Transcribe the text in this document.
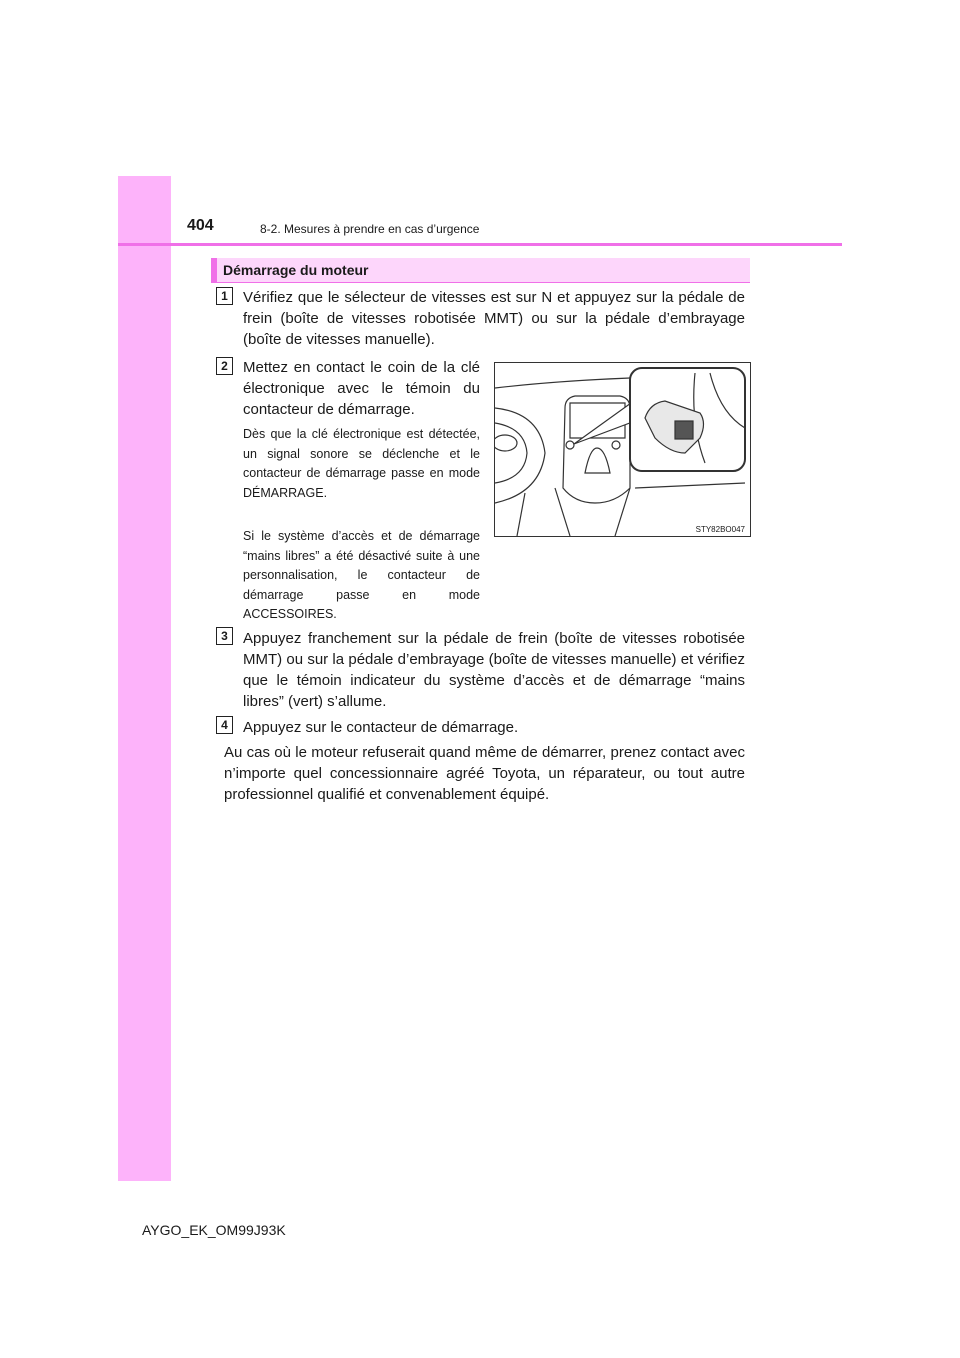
404	8-2. Mesures à prendre en cas d’urgence
Démarrage du moteur
1	Vérifiez que le sélecteur de vitesses est sur N et appuyez sur la pédale de frein (boîte de vitesses robotisée MMT) ou sur la pédale d’embrayage (boîte de vitesses manuelle).
2	Mettez en contact le coin de la clé électronique avec le témoin du contacteur de démarrage.
Dès que la clé électronique est détectée, un signal sonore se déclenche et le contacteur de démarrage passe en mode DÉMARRAGE.
Si le système d’accès et de démarrage “mains libres” a été désactivé suite à une personnalisation, le contacteur de démarrage passe en mode ACCESSOIRES.
STY82BO047
3	Appuyez franchement sur la pédale de frein (boîte de vitesses robotisée MMT) ou sur la pédale d’embrayage (boîte de vitesses manuelle) et vérifiez que le témoin indicateur du système d’accès et de démarrage “mains libres” (vert) s’allume.
4	Appuyez sur le contacteur de démarrage.
Au cas où le moteur refuserait quand même de démarrer, prenez contact avec n’importe quel concessionnaire agréé Toyota, un réparateur, ou tout autre professionnel qualifié et convenablement équipé.
AYGO_EK_OM99J93K
